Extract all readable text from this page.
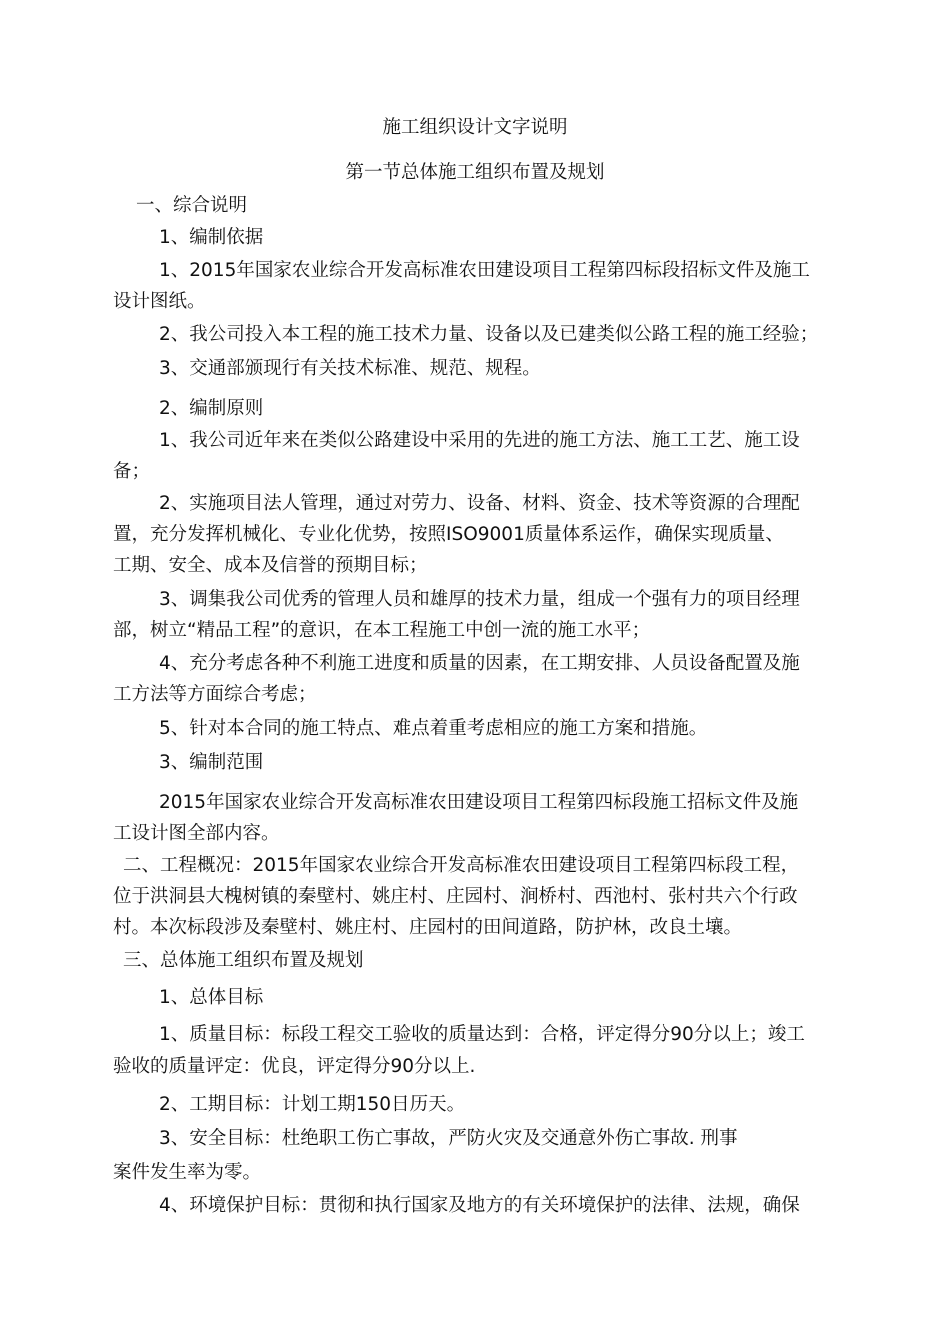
施工组织设计文字说明
第一节总体施工组织布置及规划
一、综合说明
1、编制依据
1、2015年国家农业综合开发高标准农田建设项目工程第四标段招标文件及施工
设计图纸。
2、我公司投入本工程的施工技术力量、设备以及已建类似公路工程的施工经验；
3、交通部颁现行有关技术标准、规范、规程。
2、编制原则
1、我公司近年来在类似公路建设中采用的先进的施工方法、施工工艺、施工设
备；
2、实施项目法人管理，通过对劳力、设备、材料、资金、技术等资源的合理配
置，充分发挥机械化、专业化优势，按照ISO9001质量体系运作，确保实现质量、
工期、安全、成本及信誉的预期目标；
3、调集我公司优秀的管理人员和雄厚的技术力量，组成一个强有力的项目经理
部，树立“精品工程”的意识，在本工程施工中创一流的施工水平；
4、充分考虑各种不利施工进度和质量的因素，在工期安排、人员设备配置及施
工方法等方面综合考虑；
5、针对本合同的施工特点、难点着重考虑相应的施工方案和措施。
3、编制范围
2015年国家农业综合开发高标准农田建设项目工程第四标段施工招标文件及施
工设计图全部内容。
二、工程概况：2015年国家农业综合开发高标准农田建设项目工程第四标段工程，
位于洪洞县大槐树镇的秦壁村、姚庄村、庄园村、涧桥村、西池村、张村共六个行政
村。本次标段涉及秦壁村、姚庄村、庄园村的田间道路，防护林，改良土壤。
三、总体施工组织布置及规划
1、总体目标
1、质量目标：标段工程交工验收的质量达到：合格，评定得分90分以上；竣工
验收的质量评定：优良，评定得分90分以上.
2、工期目标：计划工期150日历天。
3、安全目标：杜绝职工伤亡事故，严防火灾及交通意外伤亡事故. 刑事
案件发生率为零。
4、环境保护目标：贯彻和执行国家及地方的有关环境保护的法律、法规，确保
